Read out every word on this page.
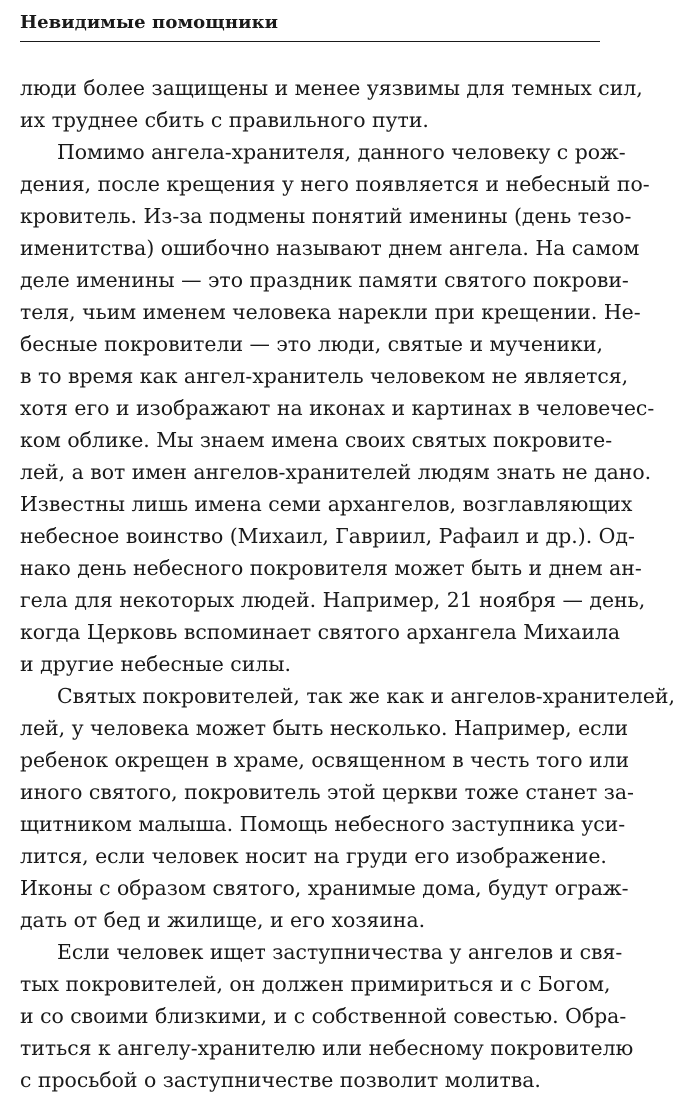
Невидимые помощники
люди более защищены и менее уязвимы для темных сил,
их труднее сбить с правильного пути.
Помимо ангела-хранителя, данного человеку с рож-
дения, после крещения у него появляется и небесный по-
кровитель. Из-за подмены понятий именины (день тезо-
именитства) ошибочно называют днем ангела. На самом
деле именины — это праздник памяти святого покрови-
теля, чьим именем человека нарекли при крещении. Не-
бесные покровители — это люди, святые и мученики,
в то время как ангел-хранитель человеком не является,
хотя его и изображают на иконах и картинах в человечес-
ком облике. Мы знаем имена своих святых покровите-
лей, а вот имен ангелов-хранителей людям знать не дано.
Известны лишь имена семи архангелов, возглавляющих
небесное воинство (Михаил, Гавриил, Рафаил и др.). Од-
нако день небесного покровителя может быть и днем ан-
гела для некоторых людей. Например, 21 ноября — день,
когда Церковь вспоминает святого архангела Михаила
и другие небесные силы.
Святых покровителей, так же как и ангелов-хранителей,
лей, у человека может быть несколько. Например, если
ребенок окрещен в храме, освященном в честь того или
иного святого, покровитель этой церкви тоже станет за-
щитником малыша. Помощь небесного заступника уси-
лится, если человек носит на груди его изображение.
Иконы с образом святого, хранимые дома, будут ограж-
дать от бед и жилище, и его хозяина.
Если человек ищет заступничества у ангелов и свя-
тых покровителей, он должен примириться и с Богом,
и со своими близкими, и с собственной совестью. Обра-
титься к ангелу-хранителю или небесному покровителю
с просьбой о заступничестве позволит молитва.
